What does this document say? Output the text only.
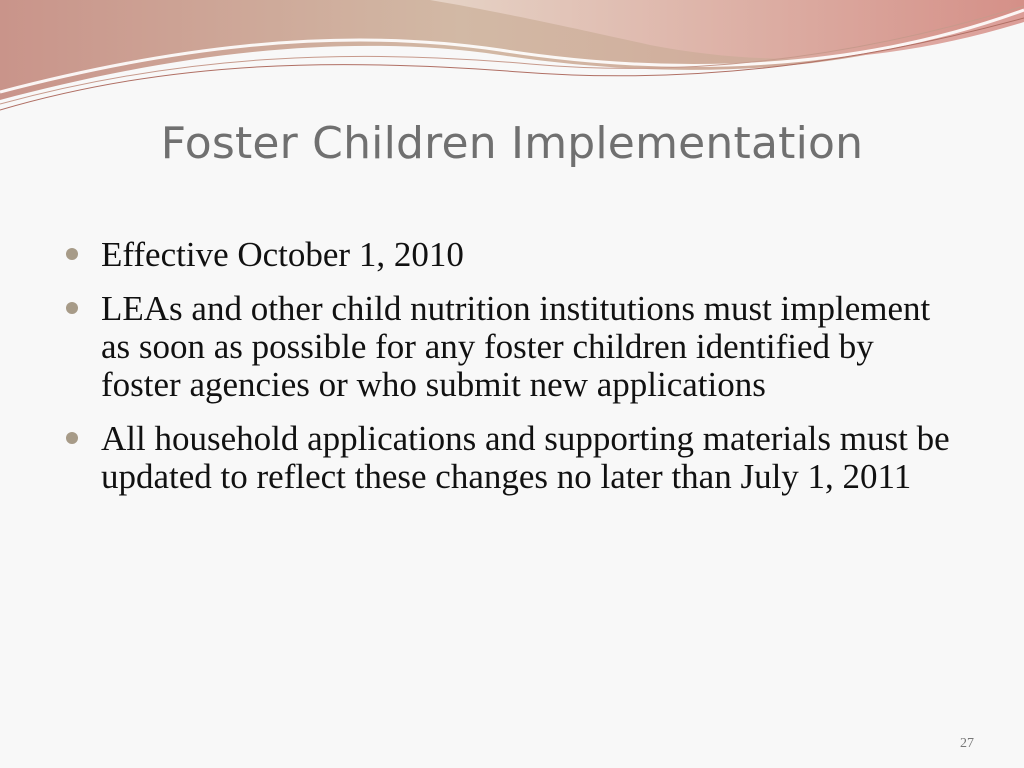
Foster Children Implementation
Effective October 1, 2010
LEAs and other child nutrition institutions must implement as soon as possible for any foster children identified by foster agencies or who submit new applications
All household applications and supporting materials must be updated to reflect these changes no later than July 1, 2011
27
